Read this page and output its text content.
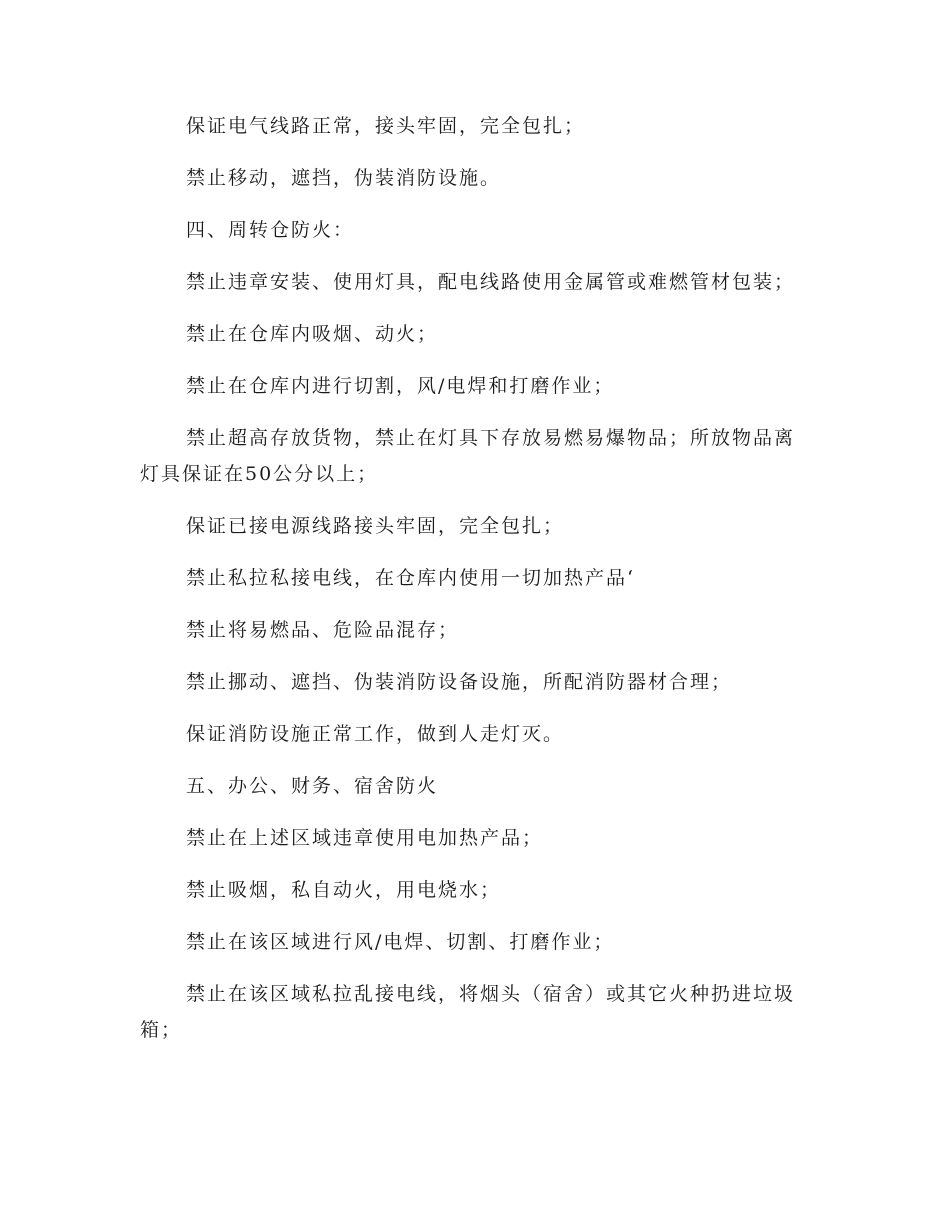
保证电气线路正常，接头牢固，完全包扎；

禁止移动，遮挡，伪装消防设施。

四、周转仓防火：

禁止违章安装、使用灯具，配电线路使用金属管或难燃管材包装；

禁止在仓库内吸烟、动火；

禁止在仓库内进行切割，风/电焊和打磨作业；

禁止超高存放货物，禁止在灯具下存放易燃易爆物品；所放物品离灯具保证在50公分以上；

保证已接电源线路接头牢固，完全包扎；

禁止私拉私接电线，在仓库内使用一切加热产品‘

禁止将易燃品、危险品混存；

禁止挪动、遮挡、伪装消防设备设施，所配消防器材合理；

保证消防设施正常工作，做到人走灯灭。

五、办公、财务、宿舍防火

禁止在上述区域违章使用电加热产品；

禁止吸烟，私自动火，用电烧水；

禁止在该区域进行风/电焊、切割、打磨作业；

禁止在该区域私拉乱接电线，将烟头（宿舍）或其它火种扔进垃圾箱；
